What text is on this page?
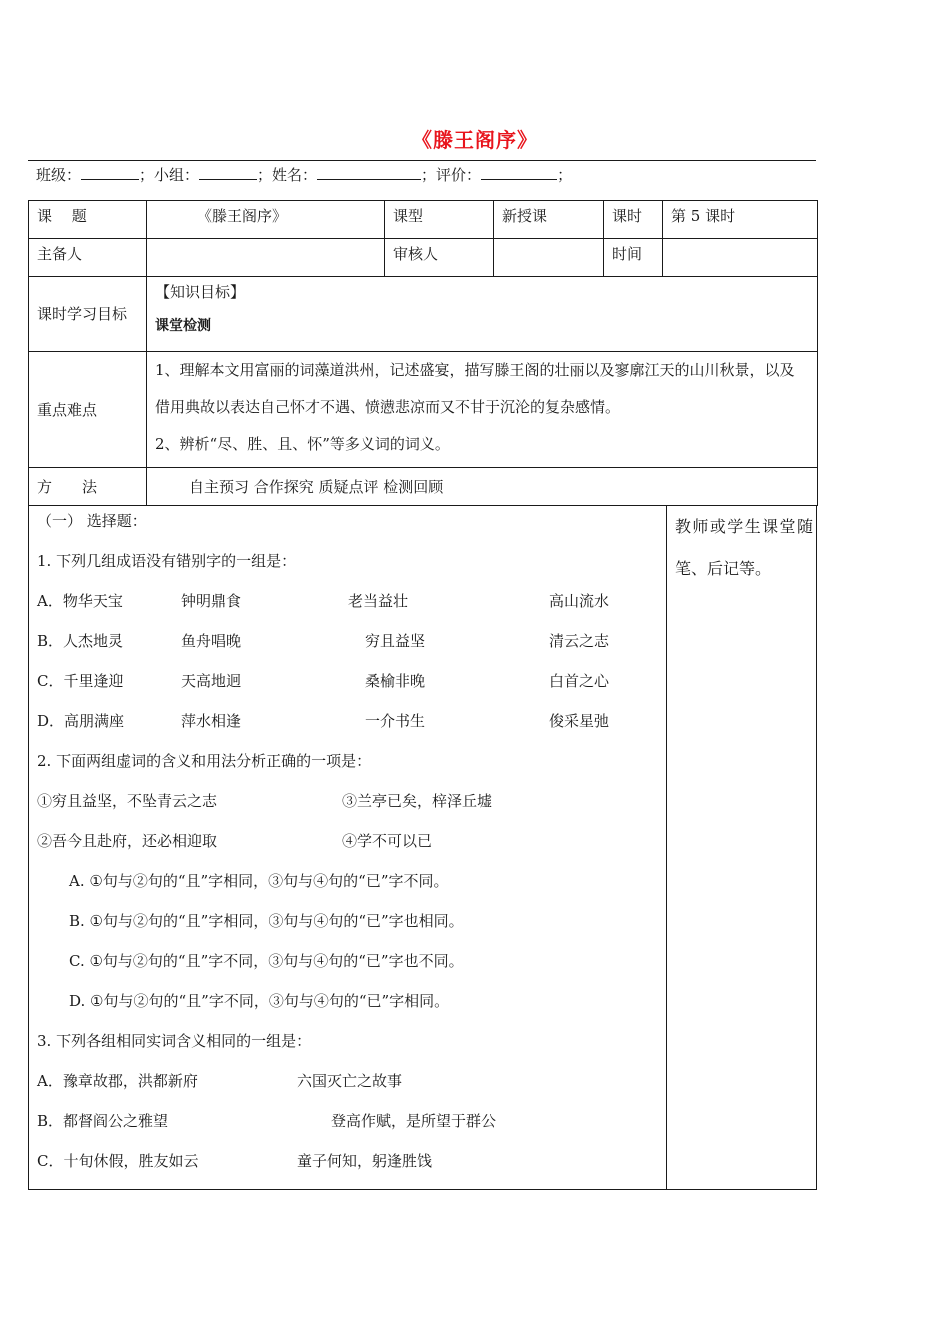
《滕王阁序》
班级：	；小组：	；姓名：	；评价：	；
课　 题	《滕王阁序》	课型	新授课	课时	第 5 课时
主备人		审核人		时间	
课时学习目标	【知识目标】
课堂检测				

重点难点	1、理解本文用富丽的词藻道洪州，记述盛宴，描写滕王阁的壮丽以及寥廓江天的山川秋景，以及借用典故以表达自己怀才不遇、愤懑悲凉而又不甘于沉沦的复杂感情。
2、辨析“尽、胜、且、怀”等多义词的词义。				

方　　法	自主预习 合作探究 质疑点评 检测回顾				
教师或学生课堂随笔、后记等。
（一） 选择题：
1. 下列几组成语没有错别字的一组是：
A．物华天宝	钟明鼎食	老当益壮	高山流水
B．人杰地灵	鱼舟唱晚	穷且益坚	清云之志
C．千里逢迎	天高地迥	桑榆非晚	白首之心
D．高朋满座	萍水相逢	一介书生	俊采星弛
2. 下面两组虚词的含义和用法分析正确的一项是：
①穷且益坚，不坠青云之志	③兰亭已矣，梓泽丘墟
②吾今且赴府，还必相迎取	④学不可以已
A. ①句与②句的“且”字相同，③句与④句的“已”字不同。
B. ①句与②句的“且”字相同，③句与④句的“已”字也相同。
C. ①句与②句的“且”字不同，③句与④句的“已”字也不同。
D. ①句与②句的“且”字不同，③句与④句的“已”字相同。
3. 下列各组相同实词含义相同的一组是：
A．豫章故郡，洪都新府	六国灭亡之故事
B．都督阎公之雅望	登高作赋，是所望于群公
C．十旬休假，胜友如云	童子何知，躬逢胜饯
